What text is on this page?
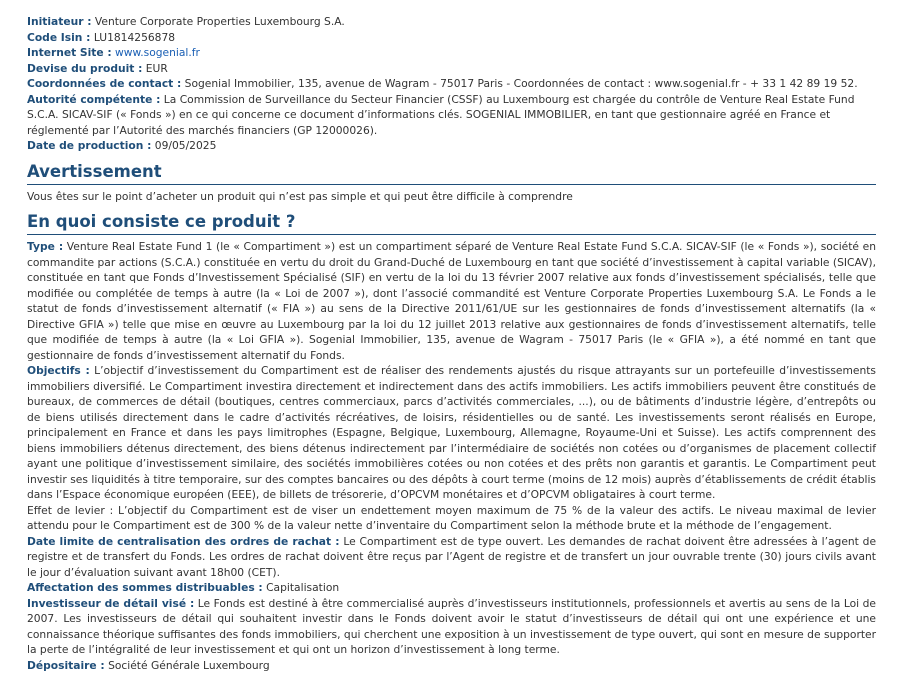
Initiateur : Venture Corporate Properties Luxembourg S.A.

Code Isin : LU1814256878

Internet Site : www.sogenial.fr

Devise du produit : EUR

Coordonnées de contact : Sogenial Immobilier, 135, avenue de Wagram - 75017 Paris - Coordonnées de contact : www.sogenial.fr - + 33 1 42 89 19 52.

Autorité compétente : La Commission de Surveillance du Secteur Financier (CSSF) au Luxembourg est chargée du contrôle de Venture Real Estate Fund S.C.A. SICAV-SIF (« Fonds ») en ce qui concerne ce document d’informations clés. SOGENIAL IMMOBILIER, en tant que gestionnaire agréé en France et réglementé par l’Autorité des marchés financiers (GP 12000026).

Date de production : 09/05/2025

Avertissement

Vous êtes sur le point d’acheter un produit qui n’est pas simple et qui peut être difficile à comprendre

En quoi consiste ce produit ?

Type : Venture Real Estate Fund 1 (le « Compartiment ») est un compartiment séparé de Venture Real Estate Fund S.C.A. SICAV-SIF (le « Fonds »), société en commandite par actions (S.C.A.) constituée en vertu du droit du Grand-Duché de Luxembourg en tant que société d’investissement à capital variable (SICAV), constituée en tant que Fonds d’Investissement Spécialisé (SIF) en vertu de la loi du 13 février 2007 relative aux fonds d’investissement spécialisés, telle que modifiée ou complétée de temps à autre (la « Loi de 2007 »), dont l’associé commandité est Venture Corporate Properties Luxembourg S.A. Le Fonds a le statut de fonds d’investissement alternatif (« FIA ») au sens de la Directive 2011/61/UE sur les gestionnaires de fonds d’investissement alternatifs (la « Directive GFIA ») telle que mise en œuvre au Luxembourg par la loi du 12 juillet 2013 relative aux gestionnaires de fonds d’investissement alternatifs, telle que modifiée de temps à autre (la « Loi GFIA »). Sogenial Immobilier, 135, avenue de Wagram - 75017 Paris (le « GFIA »), a été nommé en tant que gestionnaire de fonds d’investissement alternatif du Fonds.

Objectifs : L’objectif d’investissement du Compartiment est de réaliser des rendements ajustés du risque attrayants sur un portefeuille d’investissements immobiliers diversifié. Le Compartiment investira directement et indirectement dans des actifs immobiliers. Les actifs immobiliers peuvent être constitués de bureaux, de commerces de détail (boutiques, centres commerciaux, parcs d’activités commerciales, ...), ou de bâtiments d’industrie légère, d’entrepôts ou de biens utilisés directement dans le cadre d’activités récréatives, de loisirs, résidentielles ou de santé. Les investissements seront réalisés en Europe, principalement en France et dans les pays limitrophes (Espagne, Belgique, Luxembourg, Allemagne, Royaume-Uni et Suisse). Les actifs comprennent des biens immobiliers détenus directement, des biens détenus indirectement par l’intermédiaire de sociétés non cotées ou d’organismes de placement collectif ayant une politique d’investissement similaire, des sociétés immobilières cotées ou non cotées et des prêts non garantis et garantis. Le Compartiment peut investir ses liquidités à titre temporaire, sur des comptes bancaires ou des dépôts à court terme (moins de 12 mois) auprès d’établissements de crédit établis dans l’Espace économique européen (EEE), de billets de trésorerie, d’OPCVM monétaires et d’OPCVM obligataires à court terme.

Effet de levier : L’objectif du Compartiment est de viser un endettement moyen maximum de 75 % de la valeur des actifs. Le niveau maximal de levier attendu pour le Compartiment est de 300 % de la valeur nette d’inventaire du Compartiment selon la méthode brute et la méthode de l’engagement.

Date limite de centralisation des ordres de rachat : Le Compartiment est de type ouvert. Les demandes de rachat doivent être adressées à l’agent de registre et de transfert du Fonds. Les ordres de rachat doivent être reçus par l’Agent de registre et de transfert un jour ouvrable trente (30) jours civils avant le jour d’évaluation suivant avant 18h00 (CET).

Affectation des sommes distribuables : Capitalisation

Investisseur de détail visé : Le Fonds est destiné à être commercialisé auprès d’investisseurs institutionnels, professionnels et avertis au sens de la Loi de 2007. Les investisseurs de détail qui souhaitent investir dans le Fonds doivent avoir le statut d’investisseurs de détail qui ont une expérience et une connaissance théorique suffisantes des fonds immobiliers, qui cherchent une exposition à un investissement de type ouvert, qui sont en mesure de supporter la perte de l’intégralité de leur investissement et qui ont un horizon d’investissement à long terme.

Dépositaire : Société Générale Luxembourg
